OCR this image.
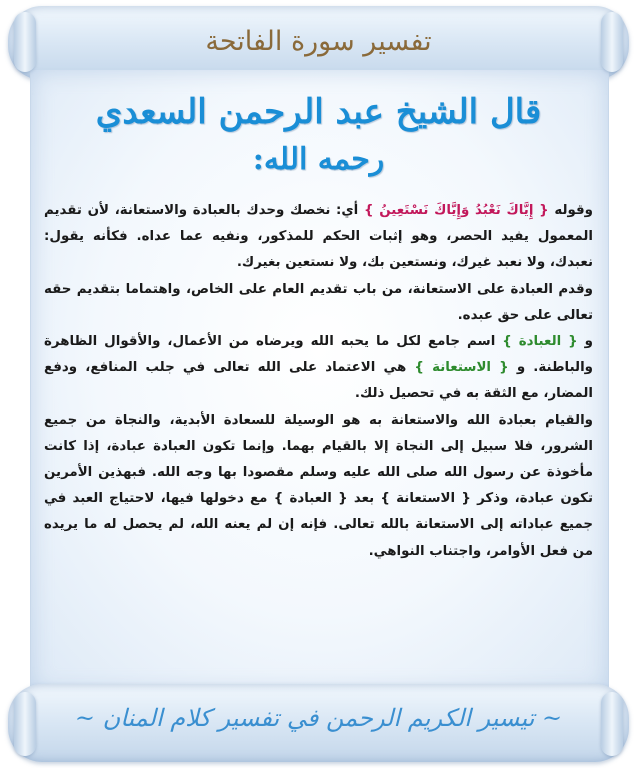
تفسير سورة الفاتحة
قال الشيخ عبد الرحمن السعدي
رحمه الله:

وقوله { إِيَّاكَ نَعْبُدُ وَإِيَّاكَ نَسْتَعِينُ } أي: نخصك وحدك بالعبادة والاستعانة، لأن تقديم المعمول يفيد الحصر، وهو إثبات الحكم للمذكور، ونفيه عما عداه. فكأنه يقول: نعبدك، ولا نعبد غيرك، ونستعين بك، ولا نستعين بغيرك.

وقدم العبادة على الاستعانة، من باب تقديم العام على الخاص، واهتماما بتقديم حقه تعالى على حق عبده.

و { العبادة } اسم جامع لكل ما يحبه الله ويرضاه من الأعمال، والأقوال الظاهرة والباطنة. و { الاستعانة } هي الاعتماد على الله تعالى في جلب المنافع، ودفع المضار، مع الثقة به في تحصيل ذلك.

والقيام بعبادة الله والاستعانة به هو الوسيلة للسعادة الأبدية، والنجاة من جميع الشرور، فلا سبيل إلى النجاة إلا بالقيام بهما. وإنما تكون العبادة عبادة، إذا كانت مأخوذة عن رسول الله صلى الله عليه وسلم مقصودا بها وجه الله. فبهذين الأمرين تكون عبادة، وذكر { الاستعانة } بعد { العبادة } مع دخولها فيها، لاحتياج العبد في جميع عباداته إلى الاستعانة بالله تعالى. فإنه إن لم يعنه الله، لم يحصل له ما يريده من فعل الأوامر، واجتناب النواهي.

~ تيسير الكريم الرحمن في تفسير كلام المنان ~
